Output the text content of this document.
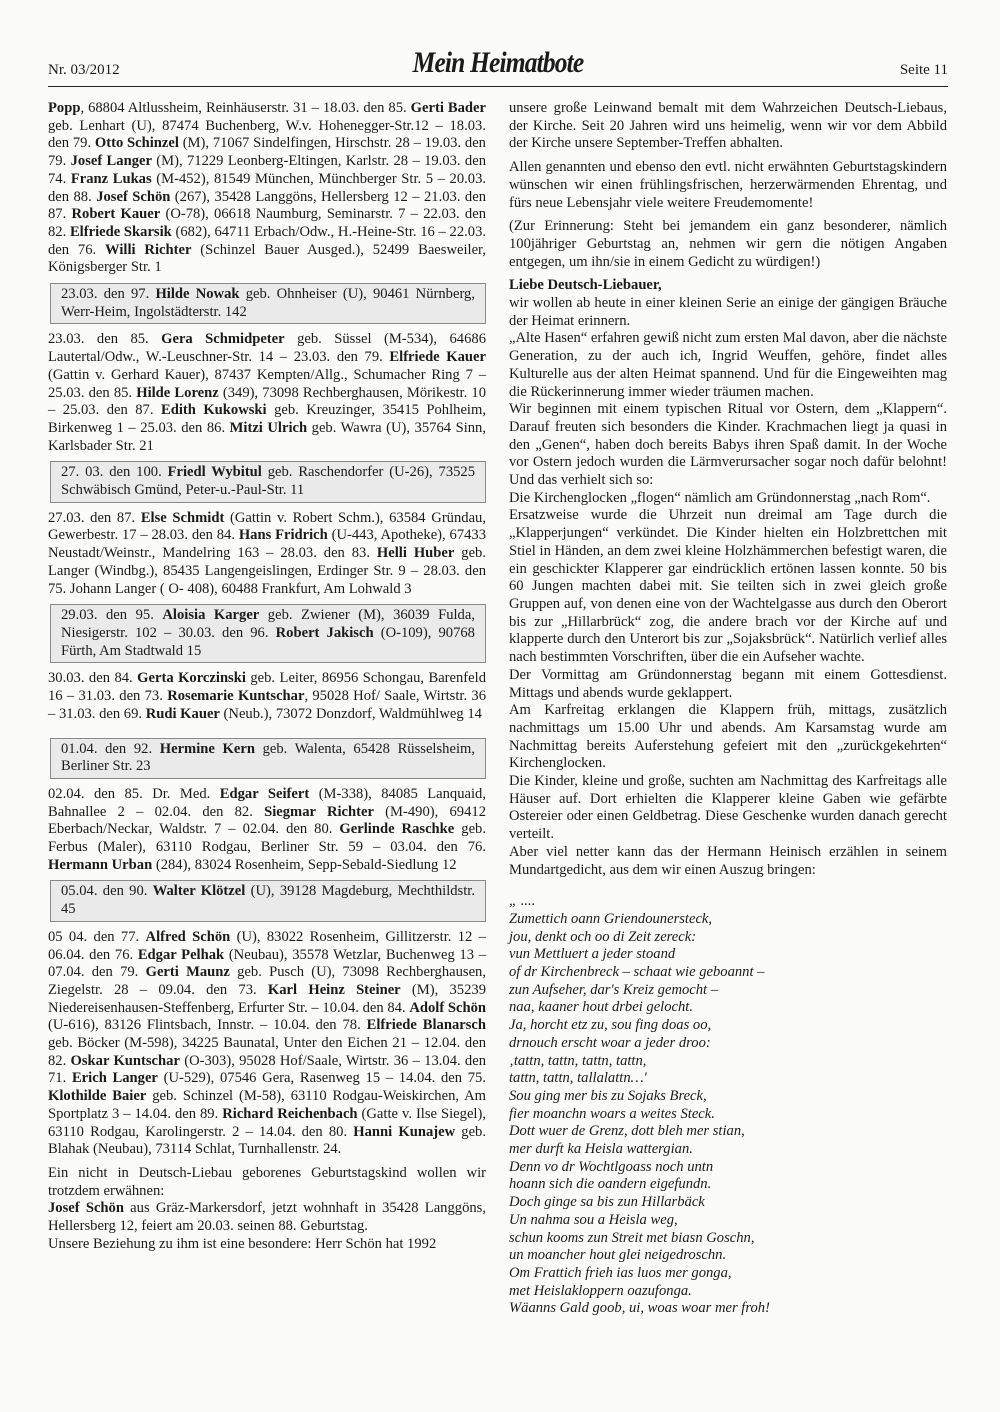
Nr. 03/2012	Mein Heimatbote	Seite 11

Popp, 68804 Altlussheim, Reinhäuserstr. 31 – 18.03. den 85. Gerti Bader geb. Lenhart (U), 87474 Buchenberg, W.v. Hohenegger-Str.12 – 18.03. den 79. Otto Schinzel (M), 71067 Sindelfingen, Hirschstr. 28 – 19.03. den 79. Josef Langer (M), 71229 Leonberg-Eltingen, Karlstr. 28 – 19.03. den 74. Franz Lukas (M-452), 81549 München, Münchberger Str. 5 – 20.03. den 88. Josef Schön (267), 35428 Langgöns, Hellersberg 12 – 21.03. den 87. Robert Kauer (O-78), 06618 Naumburg, Seminarstr. 7 – 22.03. den 82. Elfriede Skarsik (682), 64711 Erbach/Odw., H.-Heine-Str. 16 – 22.03. den 76. Willi Richter (Schinzel Bauer Ausged.), 52499 Baesweiler, Königsberger Str. 1

23.03. den 97. Hilde Nowak geb. Ohnheiser (U), 90461 Nürnberg, Werr-Heim, Ingolstädterstr. 142

23.03. den 85. Gera Schmidpeter geb. Süssel (M-534), 64686 Lautertal/Odw., W.-Leuschner-Str. 14 – 23.03. den 79. Elfriede Kauer (Gattin v. Gerhard Kauer), 87437 Kempten/Allg., Schumacher Ring 7 – 25.03. den 85. Hilde Lorenz (349), 73098 Rechberghausen, Mörikestr. 10 – 25.03. den 87. Edith Kukowski geb. Kreuzinger, 35415 Pohlheim, Birkenweg 1 – 25.03. den 86. Mitzi Ulrich geb. Wawra (U), 35764 Sinn, Karlsbader Str. 21

27. 03. den 100. Friedl Wybitul geb. Raschendorfer (U-26), 73525 Schwäbisch Gmünd, Peter-u.-Paul-Str. 11

27.03. den 87. Else Schmidt (Gattin v. Robert Schm.), 63584 Gründau, Gewerbestr. 17 – 28.03. den 84. Hans Fridrich (U-443, Apotheke), 67433 Neustadt/Weinstr., Mandelring 163 – 28.03. den 83. Helli Huber geb. Langer (Windbg.), 85435 Langengeislingen, Erdinger Str. 9 – 28.03. den 75. Johann Langer ( O- 408), 60488 Frankfurt, Am Lohwald 3

29.03. den 95. Aloisia Karger geb. Zwiener (M), 36039 Fulda, Niesigerstr. 102 – 30.03. den 96. Robert Jakisch (O-109), 90768 Fürth, Am Stadtwald 15

30.03. den 84. Gerta Korczinski geb. Leiter, 86956 Schongau, Barenfeld 16 – 31.03. den 73. Rosemarie Kuntschar, 95028 Hof/ Saale, Wirtstr. 36 – 31.03. den 69. Rudi Kauer (Neub.), 73072 Donzdorf, Waldmühlweg 14

01.04. den 92. Hermine Kern geb. Walenta, 65428 Rüsselsheim, Berliner Str. 23

02.04. den 85. Dr. Med. Edgar Seifert (M-338), 84085 Lanquaid, Bahnallee 2 – 02.04. den 82. Siegmar Richter (M-490), 69412 Eberbach/Neckar, Waldstr. 7 – 02.04. den 80. Gerlinde Raschke geb. Ferbus (Maler), 63110 Rodgau, Berliner Str. 59 – 03.04. den 76. Hermann Urban (284), 83024 Rosenheim, Sepp-Sebald-Siedlung 12

05.04. den 90. Walter Klötzel (U), 39128 Magdeburg, Mechthildstr. 45

05 04. den 77. Alfred Schön (U), 83022 Rosenheim, Gillitzerstr. 12 – 06.04. den 76. Edgar Pelhak (Neubau), 35578 Wetzlar, Buchenweg 13 – 07.04. den 79. Gerti Maunz geb. Pusch (U), 73098 Rechberghausen, Ziegelstr. 28 – 09.04. den 73. Karl Heinz Steiner (M), 35239 Niedereisenhausen-Steffenberg, Erfurter Str. – 10.04. den 84. Adolf Schön (U-616), 83126 Flintsbach, Innstr. – 10.04. den 78. Elfriede Blanarsch geb. Böcker (M-598), 34225 Baunatal, Unter den Eichen 21 – 12.04. den 82. Oskar Kuntschar (O-303), 95028 Hof/Saale, Wirtstr. 36 – 13.04. den 71. Erich Langer (U-529), 07546 Gera, Rasenweg 15 – 14.04. den 75. Klothilde Baier geb. Schinzel (M-58), 63110 Rodgau-Weiskirchen, Am Sportplatz 3 – 14.04. den 89. Richard Reichenbach (Gatte v. Ilse Siegel), 63110 Rodgau, Karolingerstr. 2 – 14.04. den 80. Hanni Kunajew geb. Blahak (Neubau), 73114 Schlat, Turnhallenstr. 24.

Ein nicht in Deutsch-Liebau geborenes Geburtstagskind wollen wir trotzdem erwähnen:

Josef Schön aus Gräz-Markersdorf, jetzt wohnhaft in 35428 Langgöns, Hellersberg 12, feiert am 20.03. seinen 88. Geburtstag.

Unsere Beziehung zu ihm ist eine besondere: Herr Schön hat 1992

unsere große Leinwand bemalt mit dem Wahrzeichen Deutsch-Liebaus, der Kirche. Seit 20 Jahren wird uns heimelig, wenn wir vor dem Abbild der Kirche unsere September-Treffen abhalten.

Allen genannten und ebenso den evtl. nicht erwähnten Geburtstagskindern wünschen wir einen frühlingsfrischen, herzerwärmenden Ehrentag, und fürs neue Lebensjahr viele weitere Freudemomente!

(Zur Erinnerung: Steht bei jemandem ein ganz besonderer, nämlich 100jähriger Geburtstag an, nehmen wir gern die nötigen Angaben entgegen, um ihn/sie in einem Gedicht zu würdigen!)

Liebe Deutsch-Liebauer,

wir wollen ab heute in einer kleinen Serie an einige der gängigen Bräuche der Heimat erinnern.

„Alte Hasen“ erfahren gewiß nicht zum ersten Mal davon, aber die nächste Generation, zu der auch ich, Ingrid Weuffen, gehöre, findet alles Kulturelle aus der alten Heimat spannend. Und für die Eingeweihten mag die Rückerinnerung immer wieder träumen machen.

Wir beginnen mit einem typischen Ritual vor Ostern, dem „Klappern“. Darauf freuten sich besonders die Kinder. Krachmachen liegt ja quasi in den „Genen“, haben doch bereits Babys ihren Spaß damit. In der Woche vor Ostern jedoch wurden die Lärmverursacher sogar noch dafür belohnt! Und das verhielt sich so:

Die Kirchenglocken „flogen“ nämlich am Gründonnerstag „nach Rom“.

Ersatzweise wurde die Uhrzeit nun dreimal am Tage durch die „Klapperjungen“ verkündet. Die Kinder hielten ein Holzbrettchen mit Stiel in Händen, an dem zwei kleine Holzhämmerchen befestigt waren, die ein geschickter Klapperer gar eindrücklich ertönen lassen konnte. 50 bis 60 Jungen machten dabei mit. Sie teilten sich in zwei gleich große Gruppen auf, von denen eine von der Wachtelgasse aus durch den Oberort bis zur „Hillarbrück“ zog, die andere brach vor der Kirche auf und klapperte durch den Unterort bis zur „Sojaksbrück“. Natürlich verlief alles nach bestimmten Vorschriften, über die ein Aufseher wachte.

Der Vormittag am Gründonnerstag begann mit einem Gottesdienst. Mittags und abends wurde geklappert.

Am Karfreitag erklangen die Klappern früh, mittags, zusätzlich nachmittags um 15.00 Uhr und abends. Am Karsamstag wurde am Nachmittag bereits Auferstehung gefeiert mit den „zurückgekehrten“ Kirchenglocken.

Die Kinder, kleine und große, suchten am Nachmittag des Karfreitags alle Häuser auf. Dort erhielten die Klapperer kleine Gaben wie gefärbte Ostereier oder einen Geldbetrag. Diese Geschenke wurden danach gerecht verteilt.

Aber viel netter kann das der Hermann Heinisch erzählen in seinem Mundartgedicht, aus dem wir einen Auszug bringen:

„ ....
Zumettich oann Griendounersteck,
jou, denkt och oo di Zeit zereck:
vun Mettluert a jeder stoand
of dr Kirchenbreck – schaat wie geboannt –
zun Aufseher, dar's Kreiz gemocht –
naa, kaaner hout drbei gelocht.
Ja, horcht etz zu, sou fing doas oo,
drnouch erscht woar a jeder droo:
‚tattn, tattn, tattn, tattn,
tattn, tattn, tallalattn…'
Sou ging mer bis zu Sojaks Breck,
fier moanchn woars a weites Steck.
Dott wuer de Grenz, dott bleh mer stian,
mer durft ka Heisla wattergian.
Denn vo dr Wochtlgoass noch untn
hoann sich die oandern eigefundn.
Doch ginge sa bis zun Hillarbäck
Un nahma sou a Heisla weg,
schun kooms zun Streit met biasn Goschn,
un moancher hout glei neigedroschn.
Om Frattich frieh ias luos mer gonga,
met Heislakloppern oazufonga.
Wäanns Gald goob, ui, woas woar mer froh!
